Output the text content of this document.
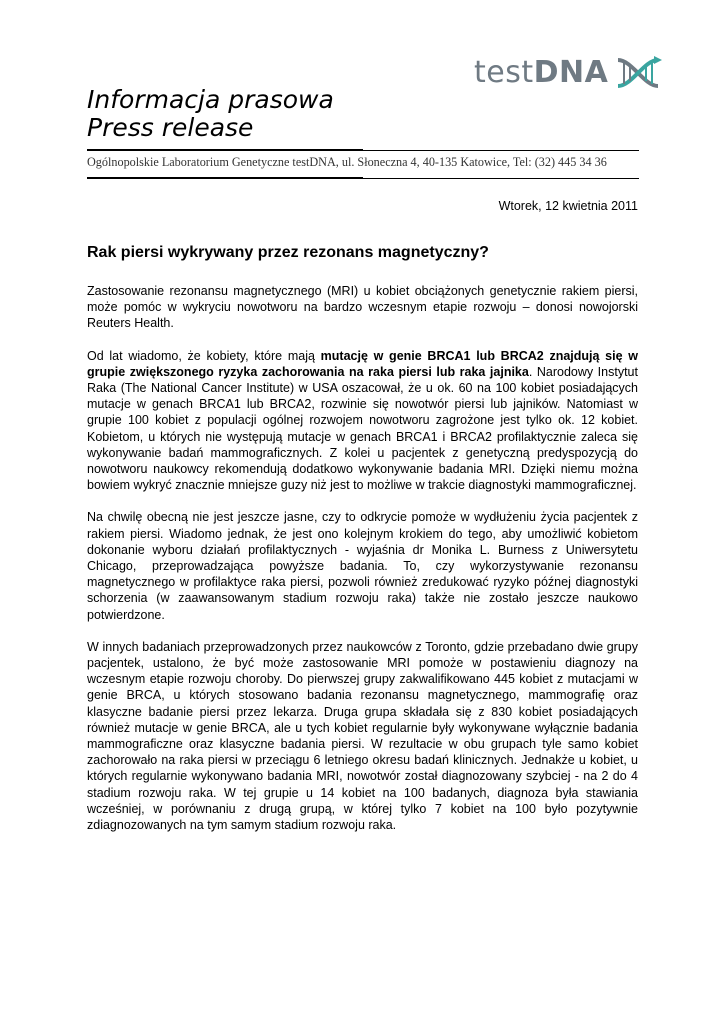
testDNA
Informacja prasowa
Press release
Ogólnopolskie Laboratorium Genetyczne testDNA, ul. Słoneczna 4, 40-135 Katowice, Tel: (32) 445 34 36
Wtorek, 12 kwietnia 2011
Rak piersi wykrywany przez rezonans magnetyczny?

Zastosowanie rezonansu magnetycznego (MRI) u kobiet obciążonych genetycznie rakiem piersi, może pomóc w wykryciu nowotworu na bardzo wczesnym etapie rozwoju – donosi nowojorski Reuters Health.

Od lat wiadomo, że kobiety, które mają mutację w genie BRCA1 lub BRCA2 znajdują się w grupie zwiększonego ryzyka zachorowania na raka piersi lub raka jajnika. Narodowy Instytut Raka (The National Cancer Institute) w USA oszacował, że u ok. 60 na 100 kobiet posiadających mutacje w genach BRCA1 lub BRCA2, rozwinie się nowotwór piersi lub jajników. Natomiast w grupie 100 kobiet z populacji ogólnej rozwojem nowotworu zagrożone jest tylko ok. 12 kobiet. Kobietom, u których nie występują mutacje w genach BRCA1 i BRCA2 profilaktycznie zaleca się wykonywanie badań mammograficznych. Z kolei u pacjentek z genetyczną predyspozycją do nowotworu naukowcy rekomendują dodatkowo wykonywanie badania MRI. Dzięki niemu można bowiem wykryć znacznie mniejsze guzy niż jest to możliwe w trakcie diagnostyki mammograficznej.

Na chwilę obecną nie jest jeszcze jasne, czy to odkrycie pomoże w wydłużeniu życia pacjentek z rakiem piersi. Wiadomo jednak, że jest ono kolejnym krokiem do tego, aby umożliwić kobietom dokonanie wyboru działań profilaktycznych - wyjaśnia dr Monika L. Burness z Uniwersytetu Chicago, przeprowadzająca powyższe badania. To, czy wykorzystywanie rezonansu magnetycznego w profilaktyce raka piersi, pozwoli również zredukować ryzyko późnej diagnostyki schorzenia (w zaawansowanym stadium rozwoju raka) także nie zostało jeszcze naukowo potwierdzone.

W innych badaniach przeprowadzonych przez naukowców z Toronto, gdzie przebadano dwie grupy pacjentek, ustalono, że być może zastosowanie MRI pomoże w postawieniu diagnozy na wczesnym etapie rozwoju choroby. Do pierwszej grupy zakwalifikowano 445 kobiet z mutacjami w genie BRCA, u których stosowano badania rezonansu magnetycznego, mammografię oraz klasyczne badanie piersi przez lekarza. Druga grupa składała się z 830 kobiet posiadających również mutacje w genie BRCA, ale u tych kobiet regularnie były wykonywane wyłącznie badania mammograficzne oraz klasyczne badania piersi. W rezultacie w obu grupach tyle samo kobiet zachorowało na raka piersi w przeciągu 6 letniego okresu badań klinicznych. Jednakże u kobiet, u których regularnie wykonywano badania MRI, nowotwór został diagnozowany szybciej - na 2 do 4 stadium rozwoju raka. W tej grupie u 14 kobiet na 100 badanych, diagnoza była stawiania wcześniej, w porównaniu z drugą grupą, w której tylko 7 kobiet na 100 było pozytywnie zdiagnozowanych na tym samym stadium rozwoju raka.
